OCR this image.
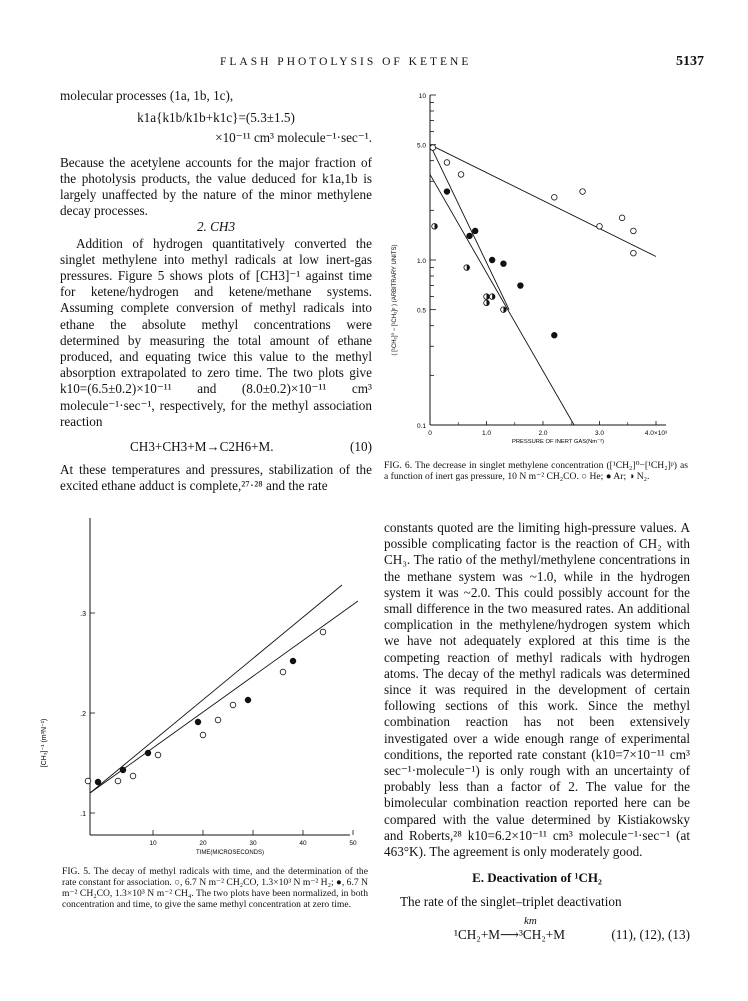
FLASH PHOTOLYSIS OF KETENE	5137

molecular processes (1a, 1b, 1c),

k1a{k1b/k1b+k1c}=(5.3±1.5)

×10⁻¹¹ cm³ molecule⁻¹·sec⁻¹.

Because the acetylene accounts for the major fraction of the photolysis products, the value deduced for k1a,1b is largely unaffected by the nature of the minor methylene decay processes.

2. CH3

Addition of hydrogen quantitatively converted the singlet methylene into methyl radicals at low inert-gas pressures. Figure 5 shows plots of [CH3]⁻¹ against time for ketene/hydrogen and ketene/methane systems. Assuming complete conversion of methyl radicals into ethane the absolute methyl concentrations were determined by measuring the total amount of ethane produced, and equating twice this value to the methyl absorption extrapolated to zero time. The two plots give k10=(6.5±0.2)×10⁻¹¹ and (8.0±0.2)×10⁻¹¹ cm³ molecule⁻¹·sec⁻¹, respectively, for the methyl association reaction

CH3+CH3+M→C2H6+M.	(10)

At these temperatures and pressures, stabilization of the excited ethane adduct is complete,²⁷·²⁸ and the rate

10
5.0
1.0
0.5
0.1
0	1.0	2.0	3.0	4.0×10³
PRESSURE OF INERT GAS(Nm⁻²)
( [¹CH₂]⁰ − [¹CH₂]ᵖ ) (ARBITRARY UNITS)
FIG. 6. The decrease in singlet methylene concentration ([¹CH₂]⁰−[¹CH₂]ᵖ) as a function of inert gas pressure, 10 N m⁻² CH₂CO. ○ He; ● Ar; ◑ N₂.
.1
.2
.3
10	20	30	40	50
TIME(MICROSECONDS)
[CH₃]⁻¹ (m³N⁻¹)
FIG. 5. The decay of methyl radicals with time, and the determination of the rate constant for association. ○, 6.7 N m⁻² CH₂CO, 1.3×10³ N m⁻² H₂; ●, 6.7 N m⁻² CH₂CO, 1.3×10³ N m⁻² CH₄. The two plots have been normalized, in both concentration and time, to give the same methyl concentration at zero time.

constants quoted are the limiting high-pressure values. A possible complicating factor is the reaction of CH₂ with CH₃. The ratio of the methyl/methylene concentrations in the methane system was ~1.0, while in the hydrogen system it was ~2.0. This could possibly account for the small difference in the two measured rates. An additional complication in the methylene/hydrogen system which we have not adequately explored at this time is the competing reaction of methyl radicals with hydrogen atoms. The decay of the methyl radicals was determined since it was required in the development of certain following sections of this work. Since the methyl combination reaction has not been extensively investigated over a wide enough range of experimental conditions, the reported rate constant (k10=7×10⁻¹¹ cm³ sec⁻¹·molecule⁻¹) is only rough with an uncertainty of probably less than a factor of 2. The value for the bimolecular combination reaction reported here can be compared with the value determined by Kistiakowsky and Roberts,²⁸ k10=6.2×10⁻¹¹ cm³ molecule⁻¹·sec⁻¹ (at 463°K). The agreement is only moderately good.

E. Deactivation of ¹CH₂

The rate of the singlet–triplet deactivation

km
¹CH₂+M⟶³CH₂+M	(11), (12), (13)
